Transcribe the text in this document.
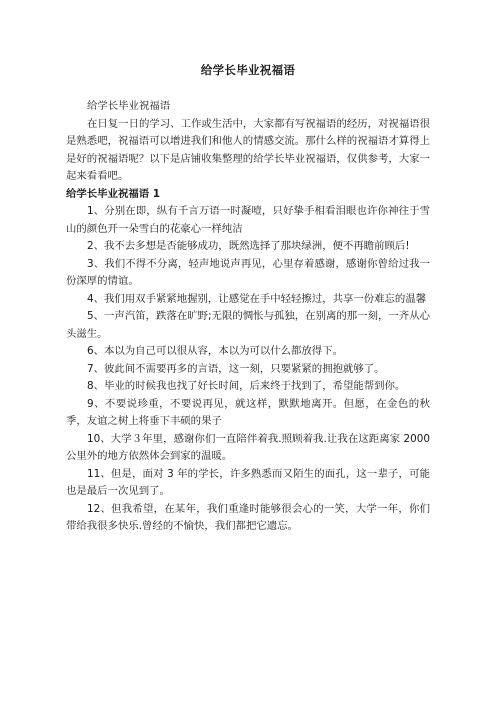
给学长毕业祝福语

给学长毕业祝福语

在日复一日的学习、工作或生活中，大家都有写祝福语的经历，对祝福语很是熟悉吧，祝福语可以增进我们和他人的情感交流。那什么样的祝福语才算得上是好的祝福语呢？以下是店铺收集整理的给学长毕业祝福语，仅供参考，大家一起来看看吧。

给学长毕业祝福语 1

1、分别在即，纵有千言万语一时凝噎，只好挚手相看泪眼也许你神往于雪山的颜色开一朵雪白的花豪心一样纯洁

2、我不去多想是否能够成功，既然选择了那块绿洲，便不再瞻前顾后!

3、我们不得不分离，轻声地说声再见，心里存着感谢，感谢你曾给过我一份深厚的情谊。

4、我们用双手紧紧地握别，让感觉在手中轻轻擦过，共享一份难忘的温馨

5、一声汽笛，跌落在旷野;无限的惆怅与孤独，在别离的那一刻，一齐从心头滋生。

6、本以为自己可以很从容，本以为可以什么都放得下。

7、彼此间不需要再多的言语，这一刻，只要紧紧的拥抱就够了。

8、毕业的时候我也找了好长时间，后来终于找到了，希望能帮到你。

9、不要说珍重，不要说再见，就这样，默默地离开。但愿，在金色的秋季，友谊之树上将垂下丰硕的果子

10、大学３年里，感谢你们一直陪伴着我.照顾着我.让我在这距离家 2000 公里外的地方依然体会到家的温暖。

11、但是，面对 3 年的学长，许多熟悉而又陌生的面孔，这一辈子，可能也是最后一次见到了。

12、但我希望，在某年，我们重逢时能够很会心的一笑，大学一年，你们带给我很多快乐.曾经的不愉快，我们都把它遗忘。
